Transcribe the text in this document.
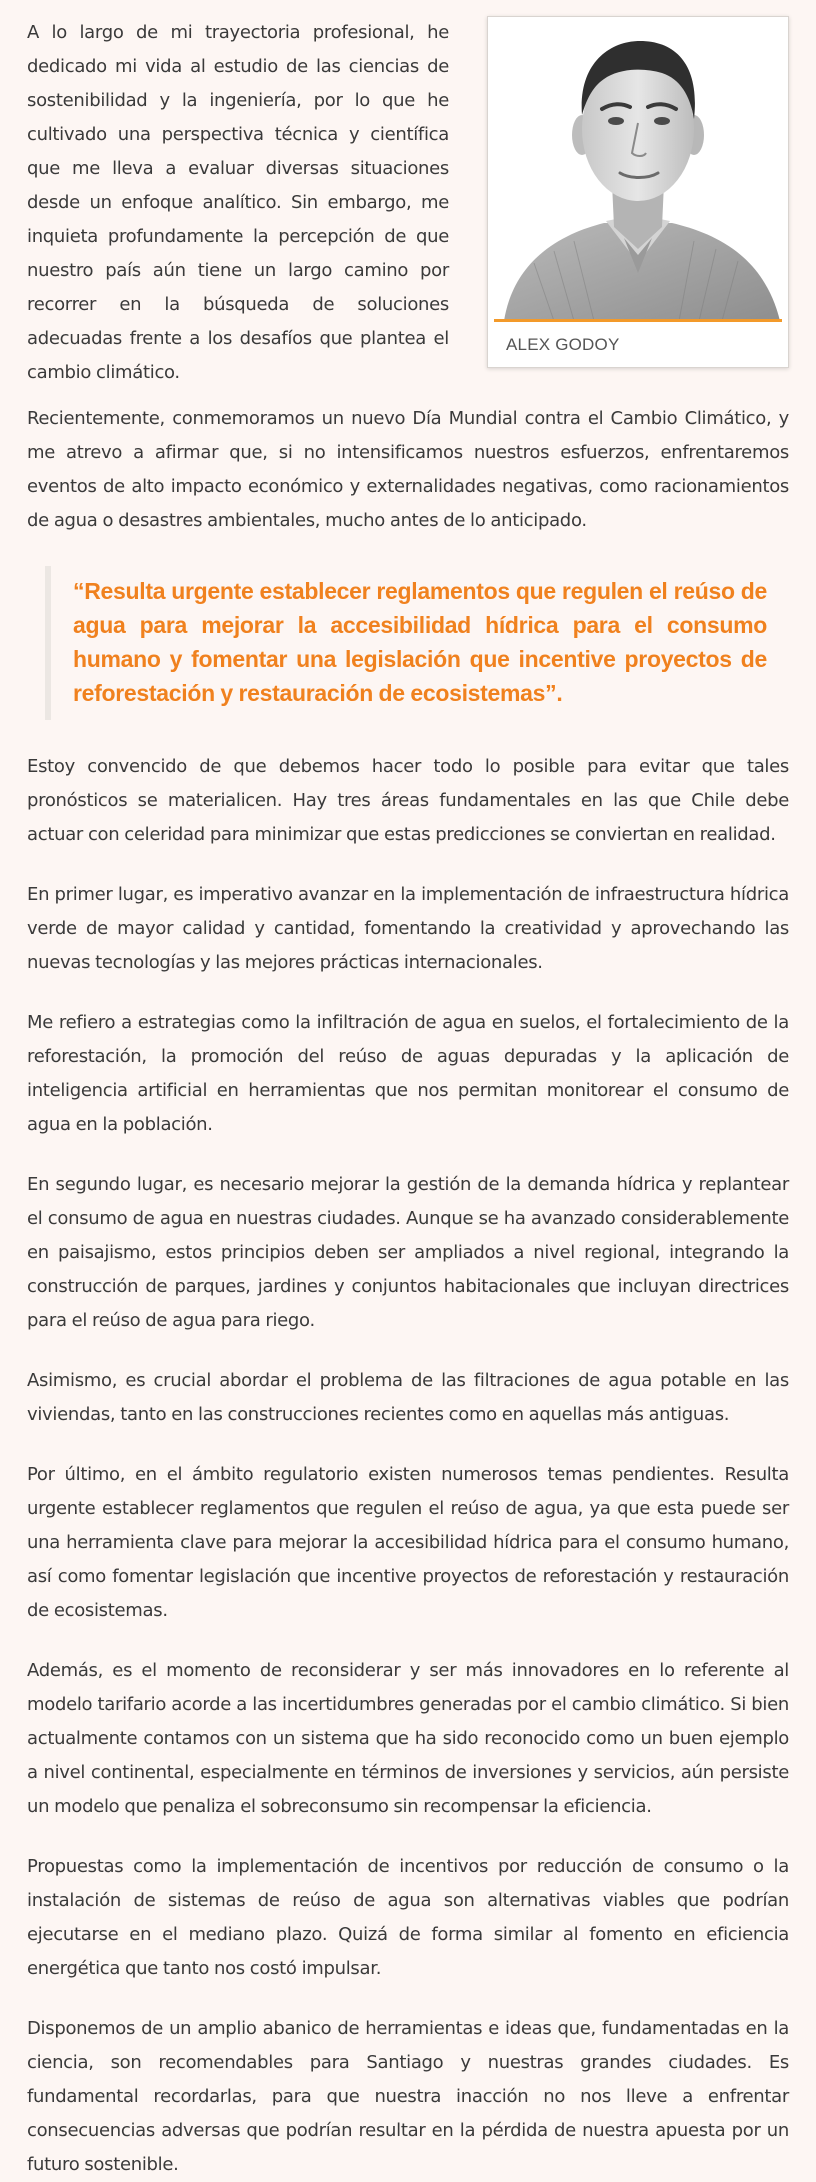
ALEX GODOY

A lo largo de mi trayectoria profesional, he dedicado mi vida al estudio de las ciencias de sostenibilidad y la ingeniería, por lo que he cultivado una perspectiva técnica y científica que me lleva a evaluar diversas situaciones desde un enfoque analítico. Sin embargo, me inquieta profundamente la percepción de que nuestro país aún tiene un largo camino por recorrer en la búsqueda de soluciones adecuadas frente a los desafíos que plantea el cambio climático.

Recientemente, conmemoramos un nuevo Día Mundial contra el Cambio Climático, y me atrevo a afirmar que, si no intensificamos nuestros esfuerzos, enfrentaremos eventos de alto impacto económico y externalidades negativas, como racionamientos de agua o desastres ambientales, mucho antes de lo anticipado.

“Resulta urgente establecer reglamentos que regulen el reúso de agua para mejorar la accesibilidad hídrica para el consumo humano y fomentar una legislación que incentive proyectos de reforestación y restauración de ecosistemas”.

Estoy convencido de que debemos hacer todo lo posible para evitar que tales pronósticos se materialicen. Hay tres áreas fundamentales en las que Chile debe actuar con celeridad para minimizar que estas predicciones se conviertan en realidad.

En primer lugar, es imperativo avanzar en la implementación de infraestructura hídrica verde de mayor calidad y cantidad, fomentando la creatividad y aprovechando las nuevas tecnologías y las mejores prácticas internacionales.

Me refiero a estrategias como la infiltración de agua en suelos, el fortalecimiento de la reforestación, la promoción del reúso de aguas depuradas y la aplicación de inteligencia artificial en herramientas que nos permitan monitorear el consumo de agua en la población.

En segundo lugar, es necesario mejorar la gestión de la demanda hídrica y replantear el consumo de agua en nuestras ciudades. Aunque se ha avanzado considerablemente en paisajismo, estos principios deben ser ampliados a nivel regional, integrando la construcción de parques, jardines y conjuntos habitacionales que incluyan directrices para el reúso de agua para riego.

Asimismo, es crucial abordar el problema de las filtraciones de agua potable en las viviendas, tanto en las construcciones recientes como en aquellas más antiguas.

Por último, en el ámbito regulatorio existen numerosos temas pendientes. Resulta urgente establecer reglamentos que regulen el reúso de agua, ya que esta puede ser una herramienta clave para mejorar la accesibilidad hídrica para el consumo humano, así como fomentar legislación que incentive proyectos de reforestación y restauración de ecosistemas.

Además, es el momento de reconsiderar y ser más innovadores en lo referente al modelo tarifario acorde a las incertidumbres generadas por el cambio climático. Si bien actualmente contamos con un sistema que ha sido reconocido como un buen ejemplo a nivel continental, especialmente en términos de inversiones y servicios, aún persiste un modelo que penaliza el sobreconsumo sin recompensar la eficiencia.

Propuestas como la implementación de incentivos por reducción de consumo o la instalación de sistemas de reúso de agua son alternativas viables que podrían ejecutarse en el mediano plazo. Quizá de forma similar al fomento en eficiencia energética que tanto nos costó impulsar.

Disponemos de un amplio abanico de herramientas e ideas que, fundamentadas en la ciencia, son recomendables para Santiago y nuestras grandes ciudades. Es fundamental recordarlas, para que nuestra inacción no nos lleve a enfrentar consecuencias adversas que podrían resultar en la pérdida de nuestra apuesta por un futuro sostenible.
